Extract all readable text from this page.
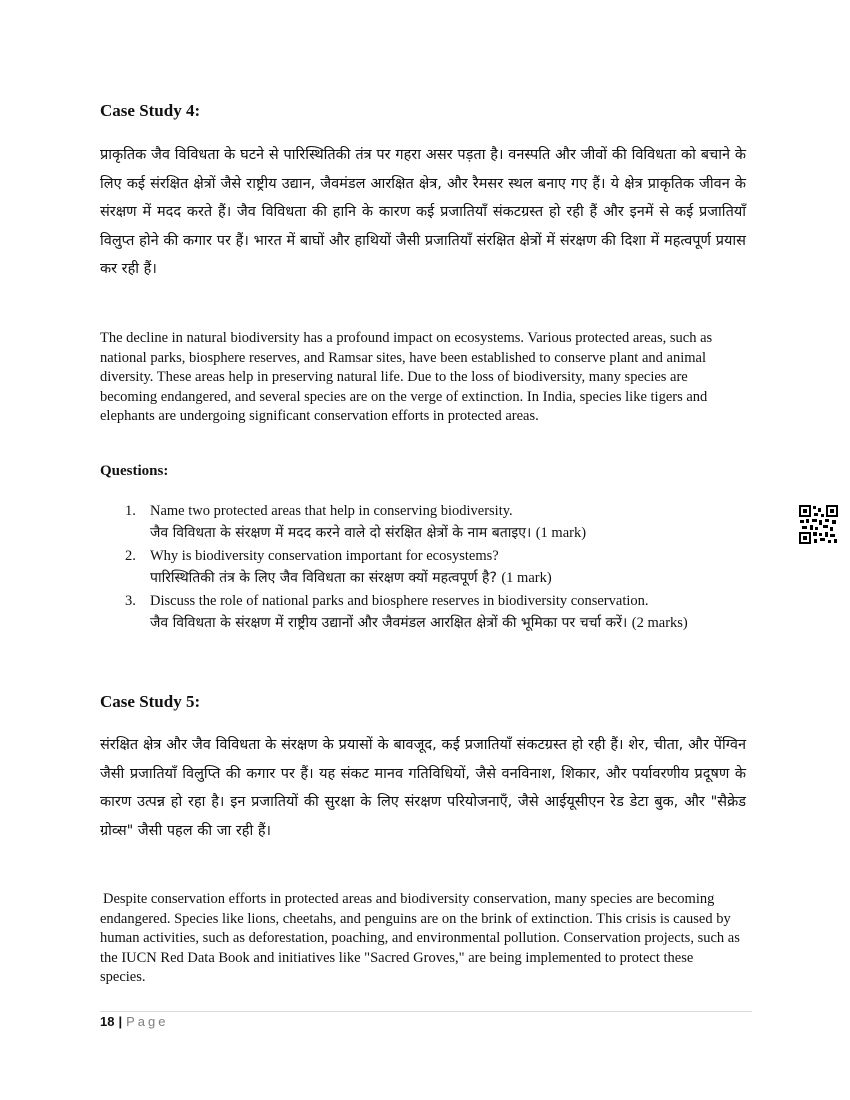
Case Study 4:
प्राकृतिक जैव विविधता के घटने से पारिस्थितिकी तंत्र पर गहरा असर पड़ता है। वनस्पति और जीवों की विविधता को बचाने के लिए कई संरक्षित क्षेत्रों जैसे राष्ट्रीय उद्यान, जैवमंडल आरक्षित क्षेत्र, और रैमसर स्थल बनाए गए हैं। ये क्षेत्र प्राकृतिक जीवन के संरक्षण में मदद करते हैं। जैव विविधता की हानि के कारण कई प्रजातियाँ संकटग्रस्त हो रही हैं और इनमें से कई प्रजातियाँ विलुप्त होने की कगार पर हैं। भारत में बाघों और हाथियों जैसी प्रजातियाँ संरक्षित क्षेत्रों में संरक्षण की दिशा में महत्वपूर्ण प्रयास कर रही हैं।
The decline in natural biodiversity has a profound impact on ecosystems. Various protected areas, such as national parks, biosphere reserves, and Ramsar sites, have been established to conserve plant and animal diversity. These areas help in preserving natural life. Due to the loss of biodiversity, many species are becoming endangered, and several species are on the verge of extinction. In India, species like tigers and elephants are undergoing significant conservation efforts in protected areas.
Questions:
1. Name two protected areas that help in conserving biodiversity.
जैव विविधता के संरक्षण में मदद करने वाले दो संरक्षित क्षेत्रों के नाम बताइए। (1 mark)
2. Why is biodiversity conservation important for ecosystems?
पारिस्थितिकी तंत्र के लिए जैव विविधता का संरक्षण क्यों महत्वपूर्ण है? (1 mark)
3. Discuss the role of national parks and biosphere reserves in biodiversity conservation.
जैव विविधता के संरक्षण में राष्ट्रीय उद्यानों और जैवमंडल आरक्षित क्षेत्रों की भूमिका पर चर्चा करें। (2 marks)
Case Study 5:
संरक्षित क्षेत्र और जैव विविधता के संरक्षण के प्रयासों के बावजूद, कई प्रजातियाँ संकटग्रस्त हो रही हैं। शेर, चीता, और पेंग्विन जैसी प्रजातियाँ विलुप्ति की कगार पर हैं। यह संकट मानव गतिविधियों, जैसे वनविनाश, शिकार, और पर्यावरणीय प्रदूषण के कारण उत्पन्न हो रहा है। इन प्रजातियों की सुरक्षा के लिए संरक्षण परियोजनाएँ, जैसे आईयूसीएन रेड डेटा बुक, और "सैक्रेड ग्रोव्स" जैसी पहल की जा रही हैं।
Despite conservation efforts in protected areas and biodiversity conservation, many species are becoming endangered. Species like lions, cheetahs, and penguins are on the brink of extinction. This crisis is caused by human activities, such as deforestation, poaching, and environmental pollution. Conservation projects, such as the IUCN Red Data Book and initiatives like "Sacred Groves," are being implemented to protect these species.
18 | Page
